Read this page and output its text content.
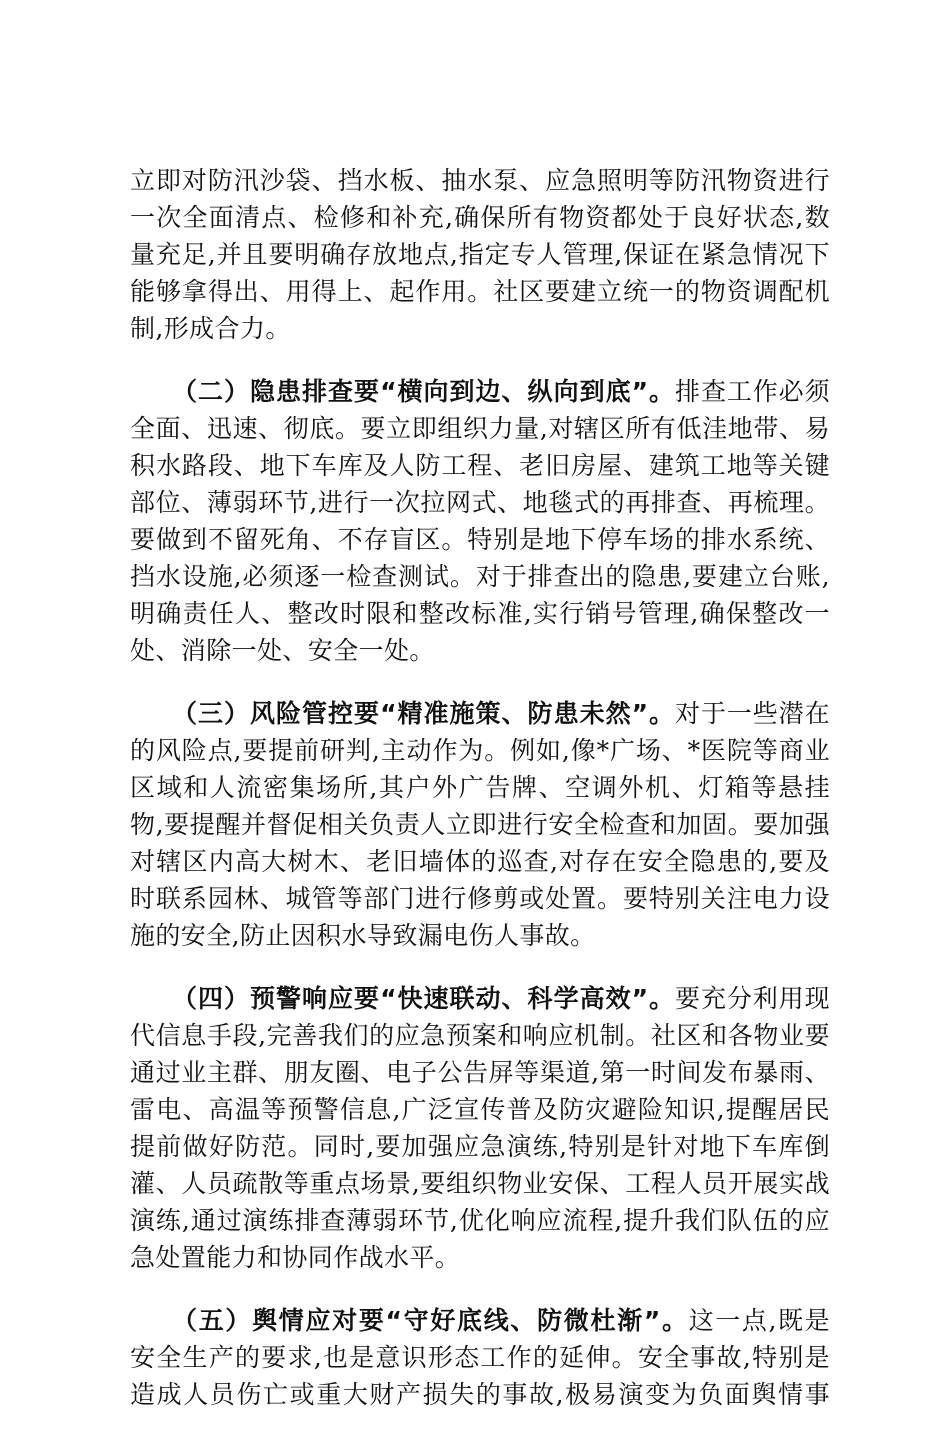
立即对防汛沙袋、挡水板、抽水泵、应急照明等防汛物资进行
一次全面清点、检修和补充,确保所有物资都处于良好状态,数
量充足,并且要明确存放地点,指定专人管理,保证在紧急情况下
能够拿得出、用得上、起作用。社区要建立统一的物资调配机
制,形成合力。
（二）隐患排查要“横向到边、纵向到底”。排查工作必须
全面、迅速、彻底。要立即组织力量,对辖区所有低洼地带、易
积水路段、地下车库及人防工程、老旧房屋、建筑工地等关键
部位、薄弱环节,进行一次拉网式、地毯式的再排查、再梳理。
要做到不留死角、不存盲区。特别是地下停车场的排水系统、
挡水设施,必须逐一检查测试。对于排查出的隐患,要建立台账,
明确责任人、整改时限和整改标准,实行销号管理,确保整改一
处、消除一处、安全一处。
（三）风险管控要“精准施策、防患未然”。对于一些潜在
的风险点,要提前研判,主动作为。例如,像*广场、*医院等商业
区域和人流密集场所,其户外广告牌、空调外机、灯箱等悬挂
物,要提醒并督促相关负责人立即进行安全检查和加固。要加强
对辖区内高大树木、老旧墙体的巡查,对存在安全隐患的,要及
时联系园林、城管等部门进行修剪或处置。要特别关注电力设
施的安全,防止因积水导致漏电伤人事故。
（四）预警响应要“快速联动、科学高效”。要充分利用现
代信息手段,完善我们的应急预案和响应机制。社区和各物业要
通过业主群、朋友圈、电子公告屏等渠道,第一时间发布暴雨、
雷电、高温等预警信息,广泛宣传普及防灾避险知识,提醒居民
提前做好防范。同时,要加强应急演练,特别是针对地下车库倒
灌、人员疏散等重点场景,要组织物业安保、工程人员开展实战
演练,通过演练排查薄弱环节,优化响应流程,提升我们队伍的应
急处置能力和协同作战水平。
（五）舆情应对要“守好底线、防微杜渐”。这一点,既是
安全生产的要求,也是意识形态工作的延伸。安全事故,特别是
造成人员伤亡或重大财产损失的事故,极易演变为负面舆情事
